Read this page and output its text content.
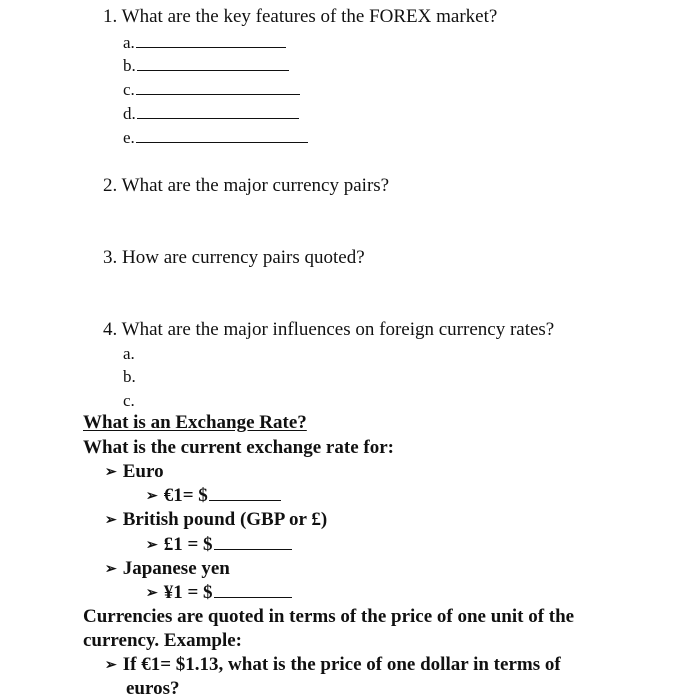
1. What are the key features of the FOREX market?
a.
b.
c.
d.
e.
2. What are the major currency pairs?
3. How are currency pairs quoted?
4. What are the major influences on foreign currency rates?
a.
b.
c.
What is an Exchange Rate?
What is the current exchange rate for:
➢ Euro
➢ €1= $
➢ British pound (GBP or £)
➢ £1 = $
➢ Japanese yen
➢ ¥1 = $
Currencies are quoted in terms of the price of one unit of the
currency. Example:
➢ If €1= $1.13, what is the price of one dollar in terms of
euros?
